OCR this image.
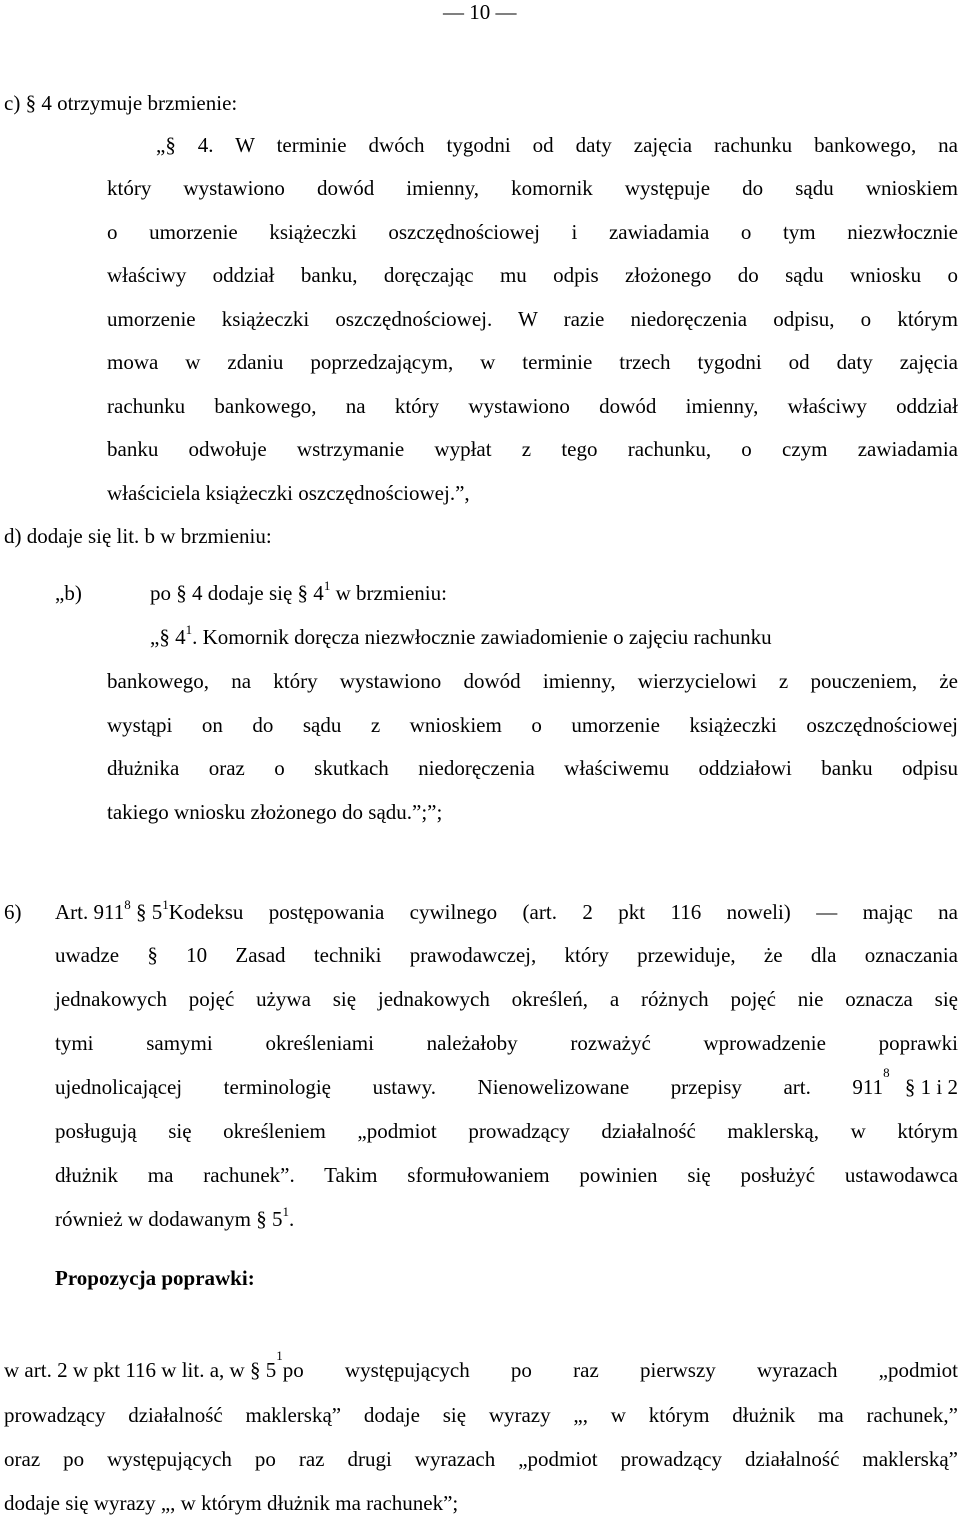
— 10 —
c) § 4 otrzymuje brzmienie:
„§ 4. W terminie dwóch tygodni od daty zajęcia rachunku bankowego, na
który wystawiono dowód imienny, komornik występuje do sądu wnioskiem
o umorzenie książeczki oszczędnościowej i zawiadamia o tym niezwłocznie
właściwy oddział banku, doręczając mu odpis złożonego do sądu wniosku o
umorzenie książeczki oszczędnościowej. W razie niedoręczenia odpisu, o którym
mowa w zdaniu poprzedzającym, w terminie trzech tygodni od daty zajęcia
rachunku bankowego, na który wystawiono dowód imienny, właściwy oddział
banku odwołuje wstrzymanie wypłat z tego rachunku, o czym zawiadamia
właściciela książeczki oszczędnościowej.”,
d) dodaje się lit. b w brzmieniu:
„b)	po § 4 dodaje się § $4^1$ w brzmieniu:
„§ $4^1$. Komornik doręcza niezwłocznie zawiadomienie o zajęciu rachunku
bankowego, na który wystawiono dowód imienny, wierzycielowi z pouczeniem, że
wystąpi on do sądu z wnioskiem o umorzenie książeczki oszczędnościowej
dłużnika oraz o skutkach niedoręczenia właściwemu oddziałowi banku odpisu
takiego wniosku złożonego do sądu.”;”;
6) Art. $911^8$ § $5^1$ Kodeksu postępowania cywilnego (art. 2 pkt 116 noweli) — mając na
uwadze § 10 Zasad techniki prawodawczej, który przewiduje, że dla oznaczania
jednakowych pojęć używa się jednakowych określeń, a różnych pojęć nie oznacza się
tymi samymi określeniami należałoby rozważyć wprowadzenie poprawki
ujednolicającej terminologię ustawy. Nienowelizowane przepisy art. 911
$^8$
§ 1 i 2
posługują się określeniem „podmiot prowadzący działalność maklerską, w którym
dłużnik ma rachunek”. Takim sformułowaniem powinien się posłużyć ustawodawca
również w dodawanym § $5^1$.
Propozycja poprawki:
w art. 2 w pkt 116 w lit. a, w § 5
$^1$
po występujących po raz pierwszy wyrazach „podmiot
prowadzący działalność maklerską” dodaje się wyrazy „, w którym dłużnik ma rachunek,”
oraz po występujących po raz drugi wyrazach „podmiot prowadzący działalność maklerską”
dodaje się wyrazy „, w którym dłużnik ma rachunek”;
